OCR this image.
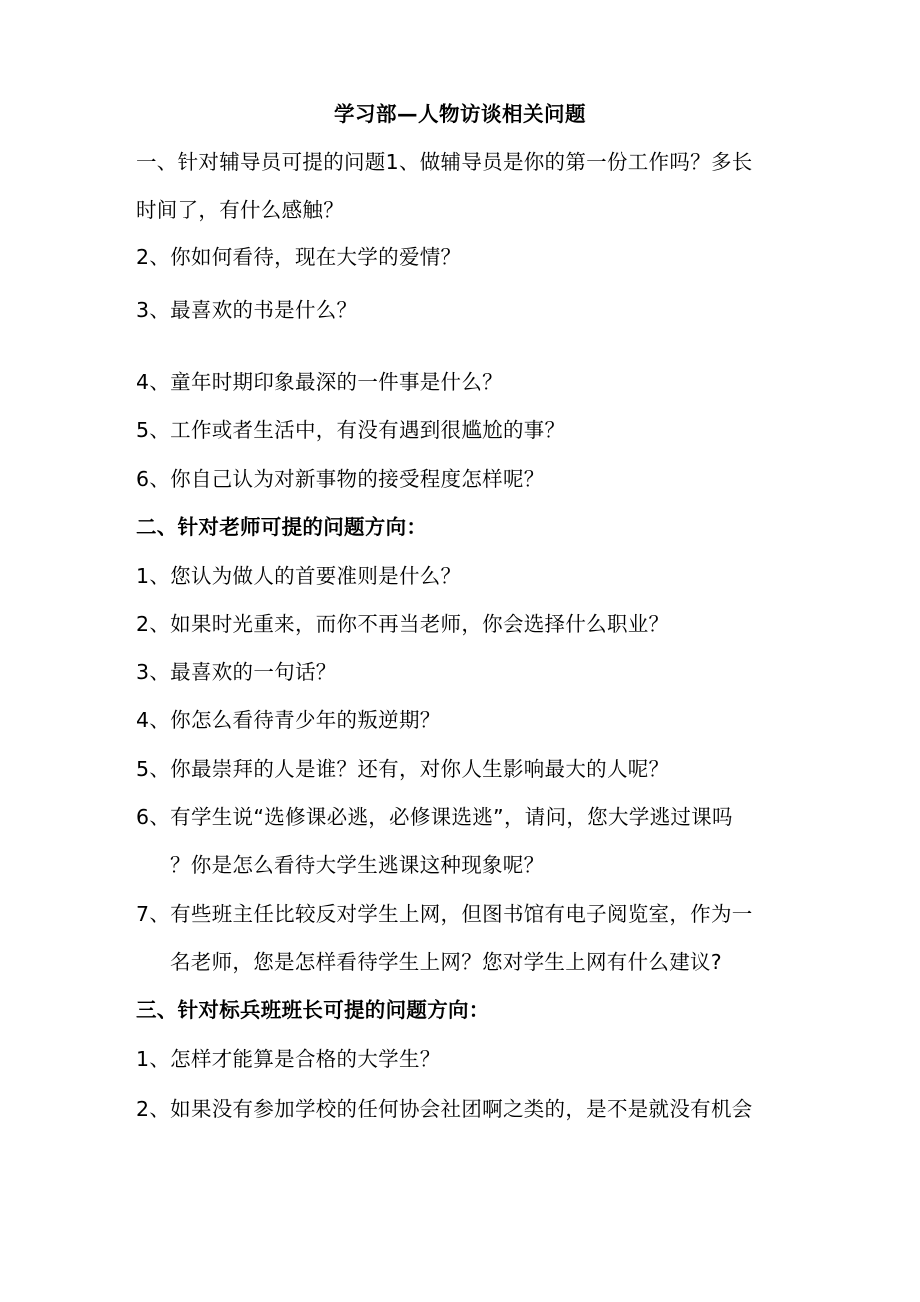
学习部—人物访谈相关问题
一、针对辅导员可提的问题1、做辅导员是你的第一份工作吗？多长
时间了，有什么感触？
2、你如何看待，现在大学的爱情？
3、最喜欢的书是什么？
4、童年时期印象最深的一件事是什么？
5、工作或者生活中，有没有遇到很尴尬的事？
6、你自己认为对新事物的接受程度怎样呢？
二、针对老师可提的问题方向：
1、您认为做人的首要准则是什么？
2、如果时光重来，而你不再当老师，你会选择什么职业？
3、最喜欢的一句话？
4、你怎么看待青少年的叛逆期？
5、你最崇拜的人是谁？还有，对你人生影响最大的人呢？
6、有学生说“选修课必逃，必修课选逃”，请问，您大学逃过课吗
？你是怎么看待大学生逃课这种现象呢？
7、有些班主任比较反对学生上网，但图书馆有电子阅览室，作为一
名老师，您是怎样看待学生上网？您对学生上网有什么建议?
三、针对标兵班班长可提的问题方向：
1、怎样才能算是合格的大学生？
2、如果没有参加学校的任何协会社团啊之类的，是不是就没有机会
